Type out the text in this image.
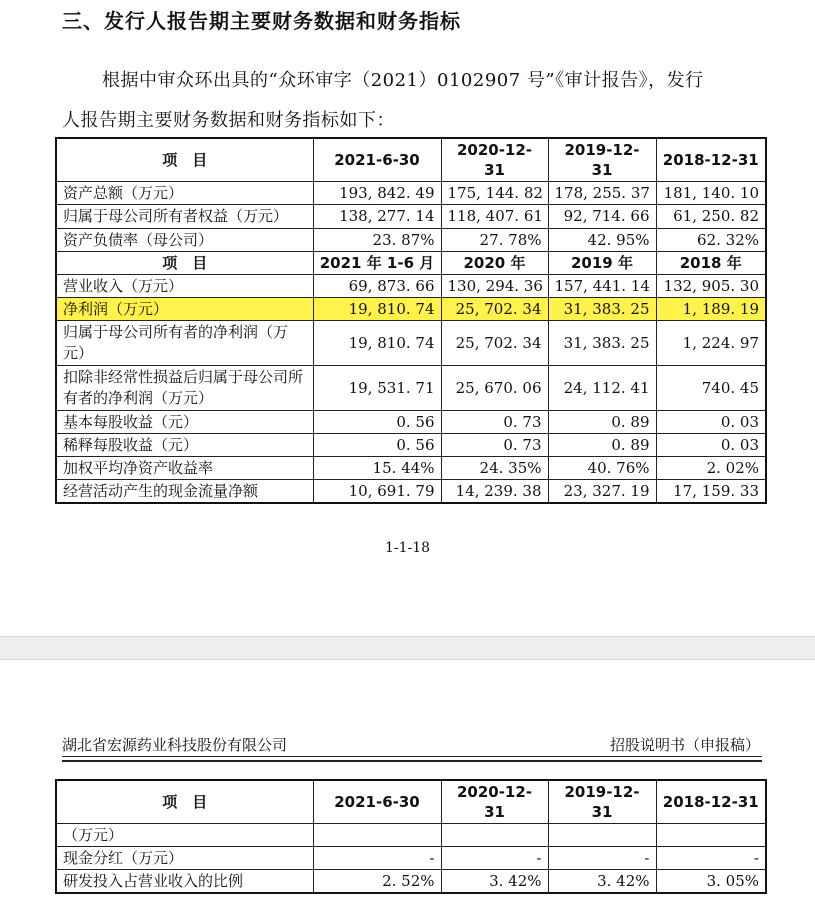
三、发行人报告期主要财务数据和财务指标
根据中审众环出具的“众环审字（2021）0102907 号”《审计报告》，发行
人报告期主要财务数据和财务指标如下：
项　目	2021-6-30	2020-12-31	2019-12-31	2018-12-31
资产总额（万元）	193, 842. 49	175, 144. 82	178, 255. 37	181, 140. 10
归属于母公司所有者权益（万元）	138, 277. 14	118, 407. 61	92, 714. 66	61, 250. 82
资产负债率（母公司）	23. 87%	27. 78%	42. 95%	62. 32%
项　目	2021 年 1-6 月	2020 年	2019 年	2018 年
营业收入（万元）	69, 873. 66	130, 294. 36	157, 441. 14	132, 905. 30
净利润（万元）	19, 810. 74	25, 702. 34	31, 383. 25	1, 189. 19
归属于母公司所有者的净利润（万元）	19, 810. 74	25, 702. 34	31, 383. 25	1, 224. 97
扣除非经常性损益后归属于母公司所有者的净利润（万元）	19, 531. 71	25, 670. 06	24, 112. 41	740. 45
基本每股收益（元）	0. 56	0. 73	0. 89	0. 03
稀释每股收益（元）	0. 56	0. 73	0. 89	0. 03
加权平均净资产收益率	15. 44%	24. 35%	40. 76%	2. 02%
经营活动产生的现金流量净额	10, 691. 79	14, 239. 38	23, 327. 19	17, 159. 33
1-1-18
湖北省宏源药业科技股份有限公司	招股说明书（申报稿）
项　目	2021-6-30	2020-12-31	2019-12-31	2018-12-31
（万元）				
现金分红（万元）	-	-	-	-
研发投入占营业收入的比例	2. 52%	3. 42%	3. 42%	3. 05%
